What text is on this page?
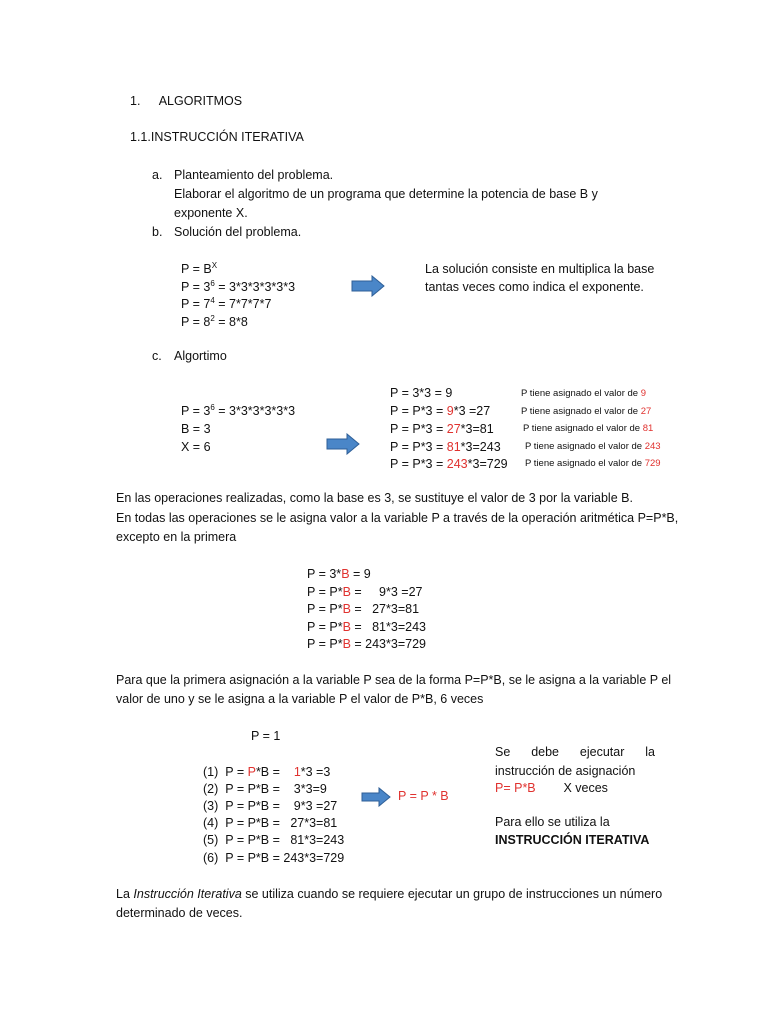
1. ALGORITMOS
1.1.INSTRUCCIÓN ITERATIVA
a. Planteamiento del problema.
Elaborar el algoritmo de un programa que determine la potencia de base B y
exponente X.
b. Solución del problema.
$P = B^X$
$P = 3^6 = 3*3*3*3*3*3$
$P = 7^4 = 7*7*7*7$
$P = 8^2 = 8*8$
La solución consiste en multiplica la base
tantas veces como indica el exponente.
c. Algortimo
$P = 3^6 = 3*3*3*3*3*3$
B = 3
X = 6
P = 3*3 = 9
P = P*3 = 9*3 =27
P = P*3 = 27*3=81
P = P*3 = 81*3=243
P = P*3 = 243*3=729
P tiene asignado el valor de 9
P tiene asignado el valor de 27
P tiene asignado el valor de 81
P tiene asignado el valor de 243
P tiene asignado el valor de 729
En las operaciones realizadas, como la base es 3, se sustituye el valor de 3 por la variable B.
En todas las operaciones se le asigna valor a la variable P a través de la operación aritmética P=P*B,
excepto en la primera
P = 3*B = 9
P = P*B =     9*3 =27
P = P*B =   27*3=81
P = P*B =   81*3=243
P = P*B = 243*3=729
Para que la primera asignación a la variable P sea de la forma P=P*B, se le asigna a la variable P el
valor de uno y se le asigna a la variable P el valor de P*B, 6 veces
P = 1
(1) P = P*B =    1*3 =3
(2) P = P*B =    3*3=9
(3) P = P*B =    9*3 =27
(4) P = P*B =   27*3=81
(5) P = P*B =   81*3=243
(6) P = P*B = 243*3=729
P = P * B
Se debe ejecutar la
instrucción de asignación
P= P*B X veces
Para ello se utiliza la
INSTRUCCIÓN ITERATIVA
La Instrucción Iterativa se utiliza cuando se requiere ejecutar un grupo de instrucciones un número
determinado de veces.
